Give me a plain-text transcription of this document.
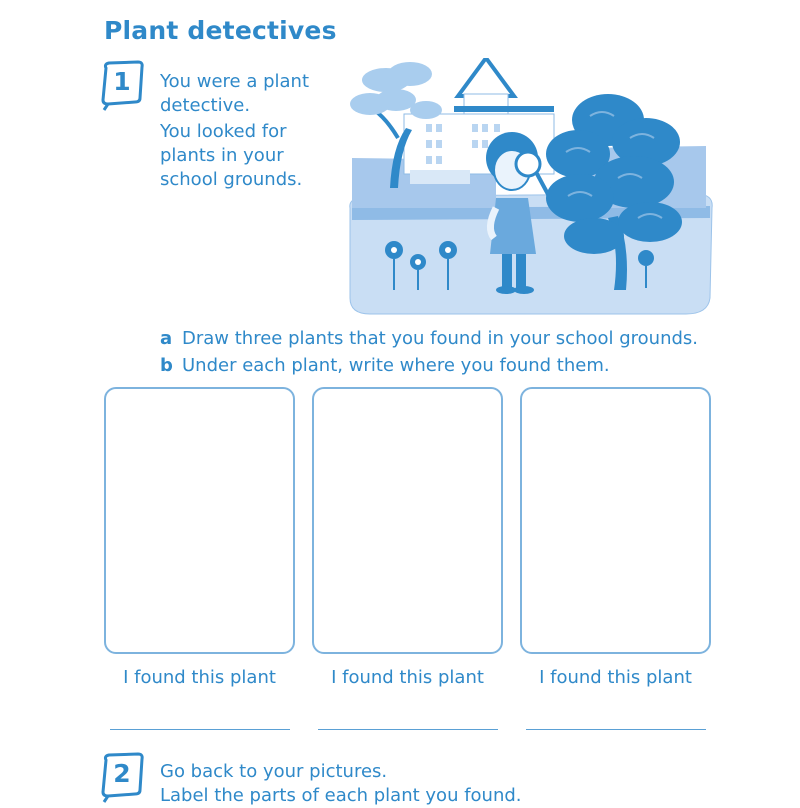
Plant detectives
1	You were a plant detective.

You looked for plants in your school grounds.

a Draw three plants that you found in your school grounds.
b Under each plant, write where you found them.
I found this plant	I found this plant	I found this plant
2	Go back to your pictures.

Label the parts of each plant you found.
